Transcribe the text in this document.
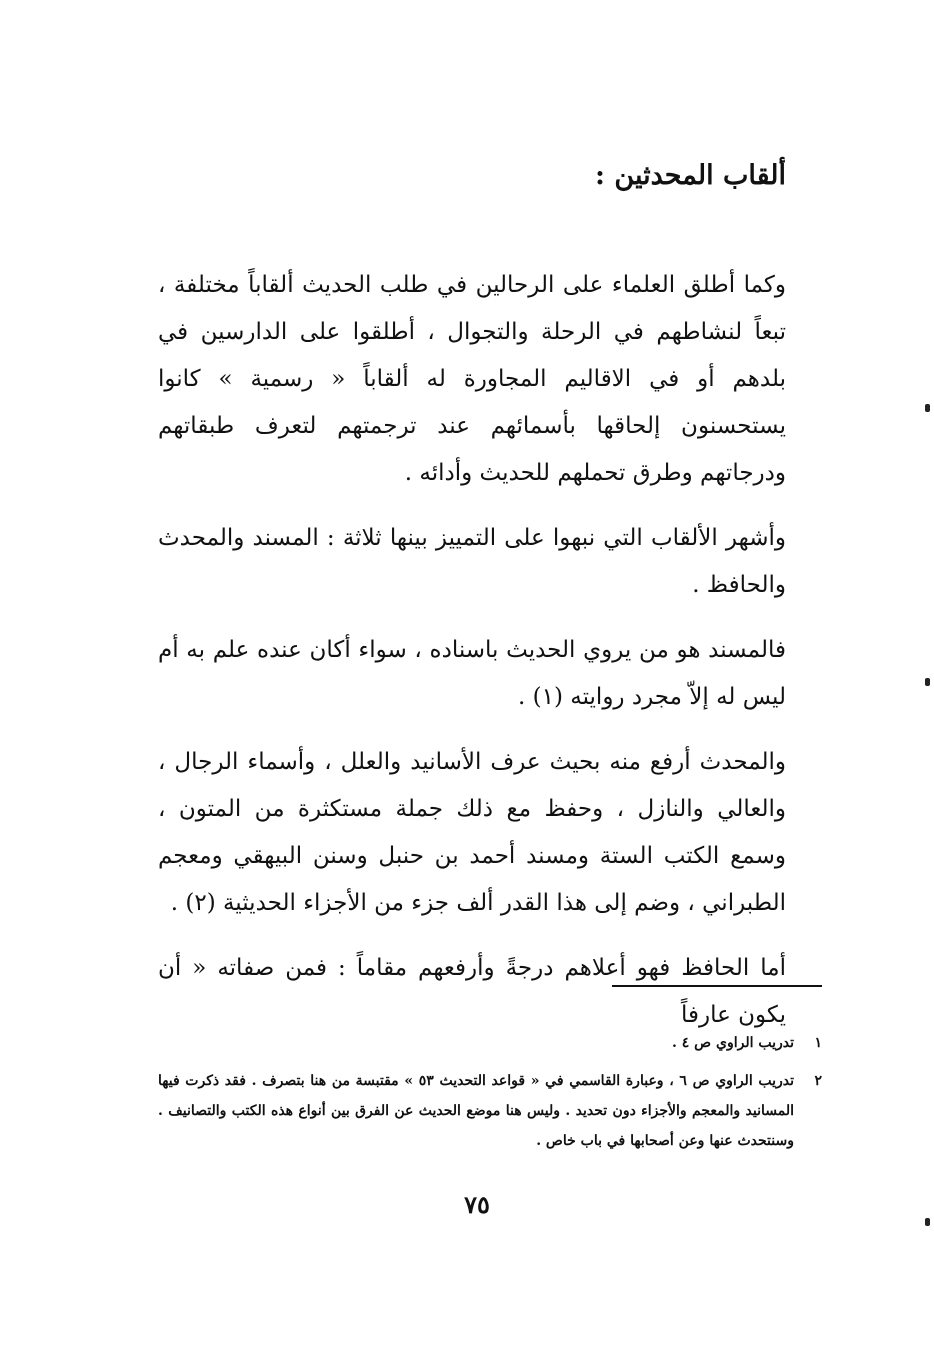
ألقاب المحدثين :

وكما أطلق العلماء على الرحالين في طلب الحديث ألقاباً مختلفة ، تبعاً لنشاطهم في الرحلة والتجوال ، أطلقوا على الدارسين في بلدهم أو في الاقاليم المجاورة له ألقاباً « رسمية » كانوا يستحسنون إلحاقها بأسمائهم عند ترجمتهم لتعرف طبقاتهم ودرجاتهم وطرق تحملهم للحديث وأدائه .

وأشهر الألقاب التي نبهوا على التمييز بينها ثلاثة : المسند والمحدث والحافظ .

فالمسند هو من يروي الحديث باسناده ، سواء أكان عنده علم به أم ليس له إلاّ مجرد روايته (١) .

والمحدث أرفع منه بحيث عرف الأسانيد والعلل ، وأسماء الرجال ، والعالي والنازل ، وحفظ مع ذلك جملة مستكثرة من المتون ، وسمع الكتب الستة ومسند أحمد بن حنبل وسنن البيهقي ومعجم الطبراني ، وضم إلى هذا القدر ألف جزء من الأجزاء الحديثية (٢) .

أما الحافظ فهو أعلاهم درجةً وأرفعهم مقاماً : فمن صفاته « أن يكون عارفاً

١
تدريب الراوي ص ٤ .
٢
تدريب الراوي ص ٦ ، وعبارة القاسمي في « قواعد التحديث ٥٣ » مقتبسة من هنا بتصرف . فقد ذكرت فيها المسانيد والمعجم والأجزاء دون تحديد . وليس هنا موضع الحديث عن الفرق بين أنواع هذه الكتب والتصانيف . وسنتحدث عنها وعن أصحابها في باب خاص .
٧٥
